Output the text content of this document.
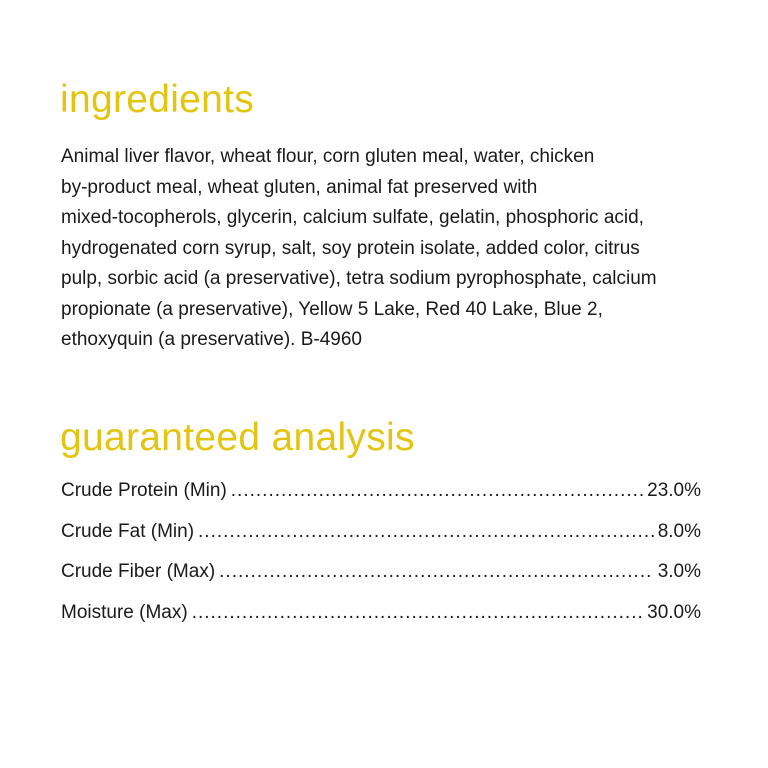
ingredients

Animal liver flavor, wheat flour, corn gluten meal, water, chicken
by-product meal, wheat gluten, animal fat preserved with
mixed-tocopherols, glycerin, calcium sulfate, gelatin, phosphoric acid,
hydrogenated corn syrup, salt, soy protein isolate, added color, citrus
pulp, sorbic acid (a preservative), tetra sodium pyrophosphate, calcium
propionate (a preservative), Yellow 5 Lake, Red 40 Lake, Blue 2,
ethoxyquin (a preservative). B-4960

guaranteed analysis
Crude Protein (Min) .....	23.0%
Crude Fat (Min) .....	8.0%
Crude Fiber (Max) .....	3.0%
Moisture (Max) .....	30.0%
